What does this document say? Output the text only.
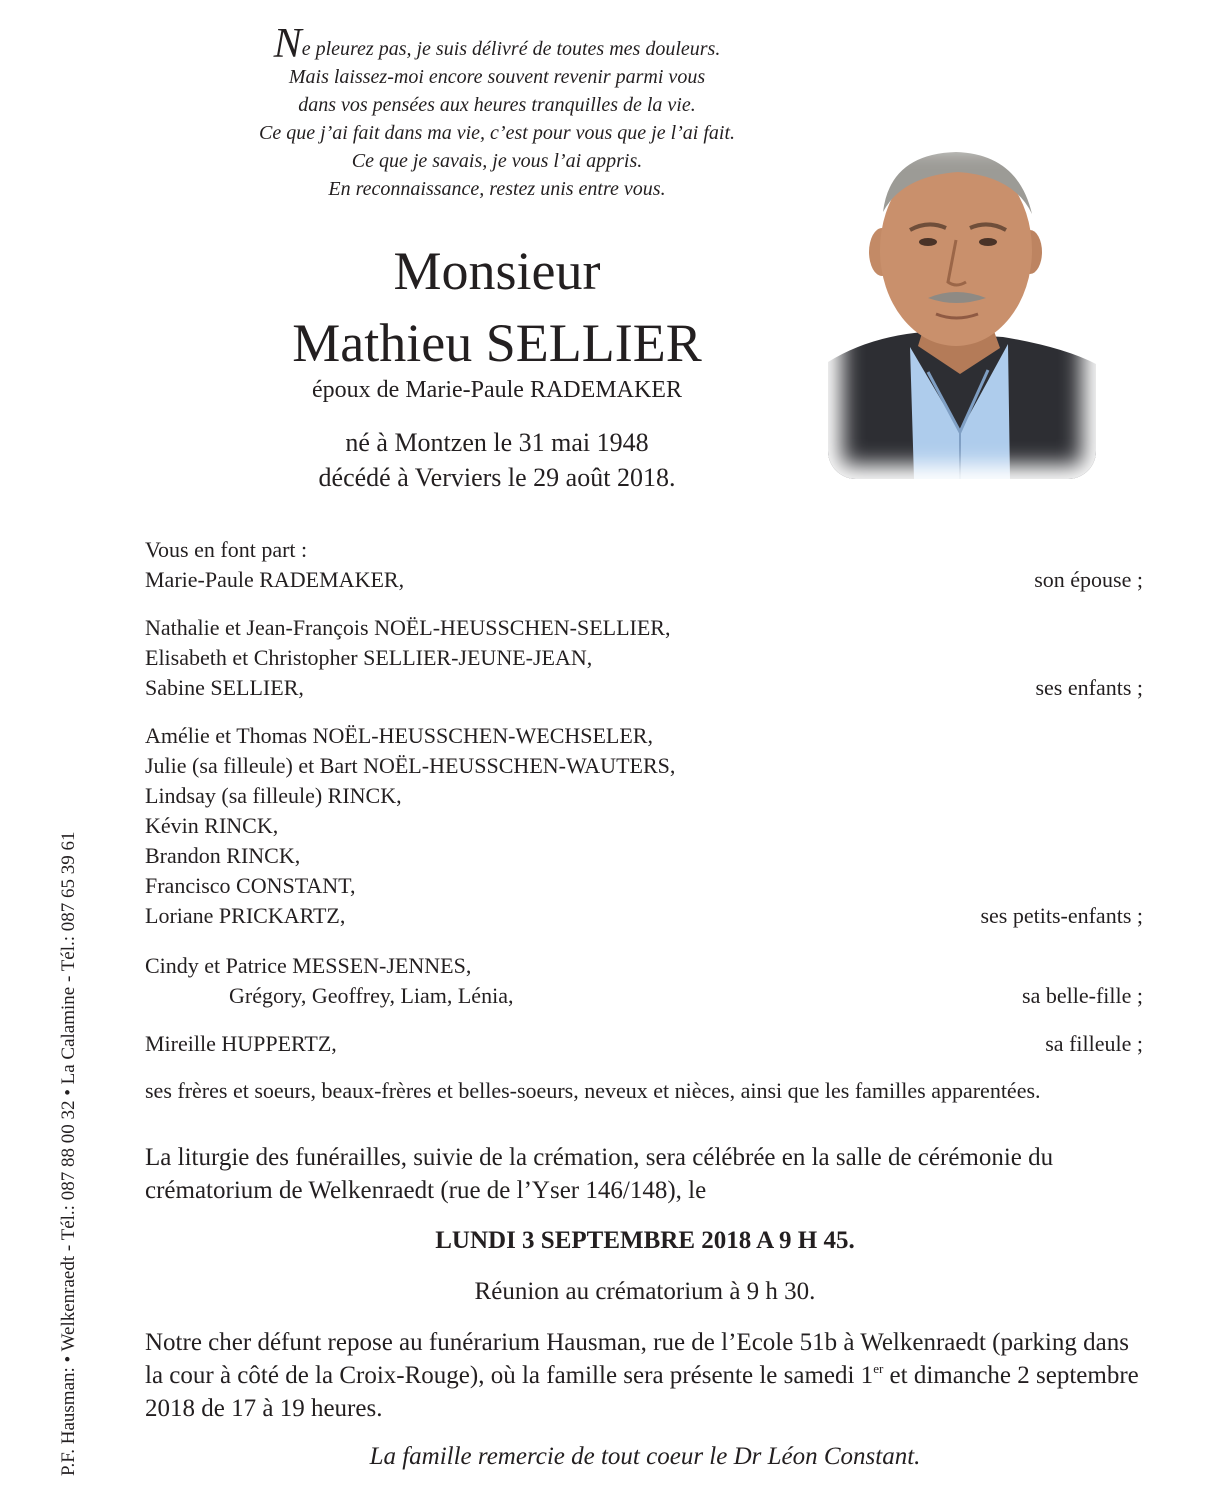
Ne pleurez pas, je suis délivré de toutes mes douleurs.
Mais laissez-moi encore souvent revenir parmi vous
dans vos pensées aux heures tranquilles de la vie.
Ce que j’ai fait dans ma vie, c’est pour vous que je l’ai fait.
Ce que je savais, je vous l’ai appris.
En reconnaissance, restez unis entre vous.
Monsieur
Mathieu SELLIER
époux de Marie-Paule RADEMAKER
né à Montzen le 31 mai 1948
décédé à Verviers le 29 août 2018.
P.F. Hausman: • Welkenraedt - Tél.: 087 88 00 32 • La Calamine - Tél.: 087 65 39 61
Vous en font part :
Marie-Paule RADEMAKER,	son épouse ;
Nathalie et Jean-François NOËL-HEUSSCHEN-SELLIER,
Elisabeth et Christopher SELLIER-JEUNE-JEAN,
Sabine SELLIER,	ses enfants ;
Amélie et Thomas NOËL-HEUSSCHEN-WECHSELER,
Julie (sa filleule) et Bart NOËL-HEUSSCHEN-WAUTERS,
Lindsay (sa filleule) RINCK,
Kévin RINCK,
Brandon RINCK,
Francisco CONSTANT,
Loriane PRICKARTZ,	ses petits-enfants ;
Cindy et Patrice MESSEN-JENNES,
Grégory, Geoffrey, Liam, Lénia,	sa belle-fille ;
Mireille HUPPERTZ,	sa filleule ;
ses frères et soeurs, beaux-frères et belles-soeurs, neveux et nièces, ainsi que les familles apparentées.
La liturgie des funérailles, suivie de la crémation, sera célébrée en la salle de cérémonie du crématorium de Welkenraedt (rue de l’Yser 146/148), le
LUNDI 3 SEPTEMBRE 2018 A 9 H 45.
Réunion au crématorium à 9 h 30.
Notre cher défunt repose au funérarium Hausman, rue de l’Ecole 51b à Welkenraedt (parking dans la cour à côté de la Croix-Rouge), où la famille sera présente le samedi 1er et dimanche 2 septembre 2018 de 17 à 19 heures.
La famille remercie de tout coeur le Dr Léon Constant.
